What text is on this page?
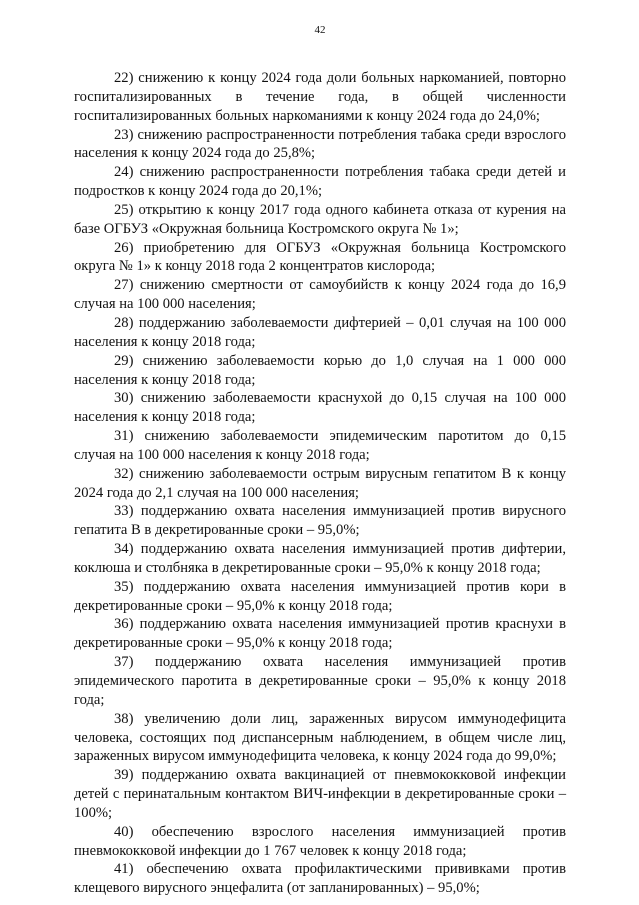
42

22) снижению к концу 2024 года доли больных наркоманией, повторно госпитализированных в течение года, в общей численности госпитализированных больных наркоманиями к концу 2024 года до 24,0%;

23) снижению распространенности потребления табака среди взрослого населения к концу 2024 года до 25,8%;

24) снижению распространенности потребления табака среди детей и подростков к концу 2024 года до 20,1%;

25) открытию к концу 2017 года одного кабинета отказа от курения на базе ОГБУЗ «Окружная больница Костромского округа № 1»;

26) приобретению для ОГБУЗ «Окружная больница Костромского округа № 1» к концу 2018 года 2 концентратов кислорода;

27) снижению смертности от самоубийств к концу 2024 года до 16,9 случая на 100 000 населения;

28) поддержанию заболеваемости дифтерией – 0,01 случая на 100 000 населения к концу 2018 года;

29) снижению заболеваемости корью до 1,0 случая на 1 000 000 населения к концу 2018 года;

30) снижению заболеваемости краснухой до 0,15 случая на 100 000 населения к концу 2018 года;

31) снижению заболеваемости эпидемическим паротитом до 0,15 случая на 100 000 населения к концу 2018 года;

32) снижению заболеваемости острым вирусным гепатитом В к концу 2024 года до 2,1 случая на 100 000 населения;

33) поддержанию охвата населения иммунизацией против вирусного гепатита В в декретированные сроки – 95,0%;

34) поддержанию охвата населения иммунизацией против дифтерии, коклюша и столбняка в декретированные сроки – 95,0% к концу 2018 года;

35) поддержанию охвата населения иммунизацией против кори в декретированные сроки – 95,0% к концу 2018 года;

36) поддержанию охвата населения иммунизацией против краснухи в декретированные сроки – 95,0% к концу 2018 года;

37) поддержанию охвата населения иммунизацией против эпидемического паротита в декретированные сроки – 95,0% к концу 2018 года;

38) увеличению доли лиц, зараженных вирусом иммунодефицита человека, состоящих под диспансерным наблюдением, в общем числе лиц, зараженных вирусом иммунодефицита человека, к концу 2024 года до 99,0%;

39) поддержанию охвата вакцинацией от пневмококковой инфекции детей с перинатальным контактом ВИЧ-инфекции в декретированные сроки – 100%;

40) обеспечению взрослого населения иммунизацией против пневмококковой инфекции до 1 767 человек к концу 2018 года;

41) обеспечению охвата профилактическими прививками против клещевого вирусного энцефалита (от запланированных) – 95,0%;
